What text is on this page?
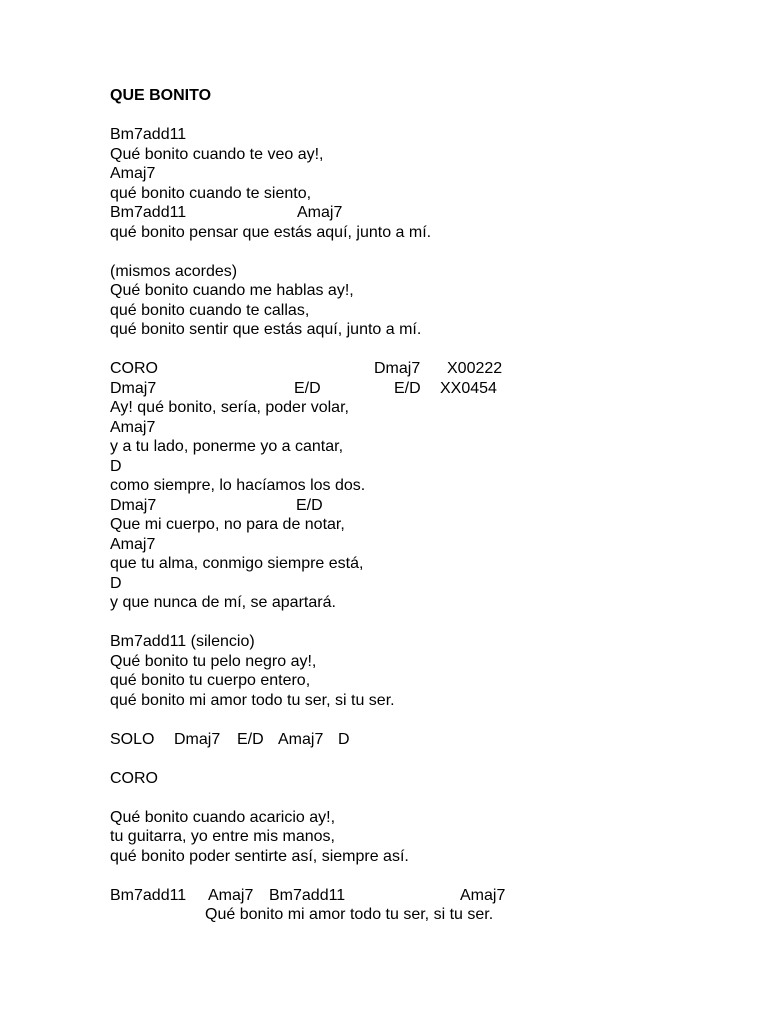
QUE BONITO
Bm7add11
Qué bonito cuando te veo ay!,
Amaj7
qué bonito cuando te siento,
Bm7add11	Amaj7
qué bonito pensar que estás aquí, junto a mí.
(mismos acordes)
Qué bonito cuando me hablas ay!,
qué bonito cuando te callas,
qué bonito sentir que estás aquí, junto a mí.
CORO	Dmaj7 X00222
Dmaj7	E/D	E/D XX0454
Ay! qué bonito, sería, poder volar,
Amaj7
y a tu lado, ponerme yo a cantar,
D
como siempre, lo hacíamos los dos.
Dmaj7	E/D
Que mi cuerpo, no para de notar,
Amaj7
que tu alma, conmigo siempre está,
D
y que nunca de mí, se apartará.
Bm7add11 (silencio)
Qué bonito tu pelo negro ay!,
qué bonito tu cuerpo entero,
qué bonito mi amor todo tu ser, si tu ser.
SOLO Dmaj7 E/D Amaj7 D
CORO
Qué bonito cuando acaricio ay!,
tu guitarra, yo entre mis manos,
qué bonito poder sentirte así, siempre así.
Bm7add11 Amaj7 Bm7add11	Amaj7
Qué bonito mi amor todo tu ser, si tu ser.
